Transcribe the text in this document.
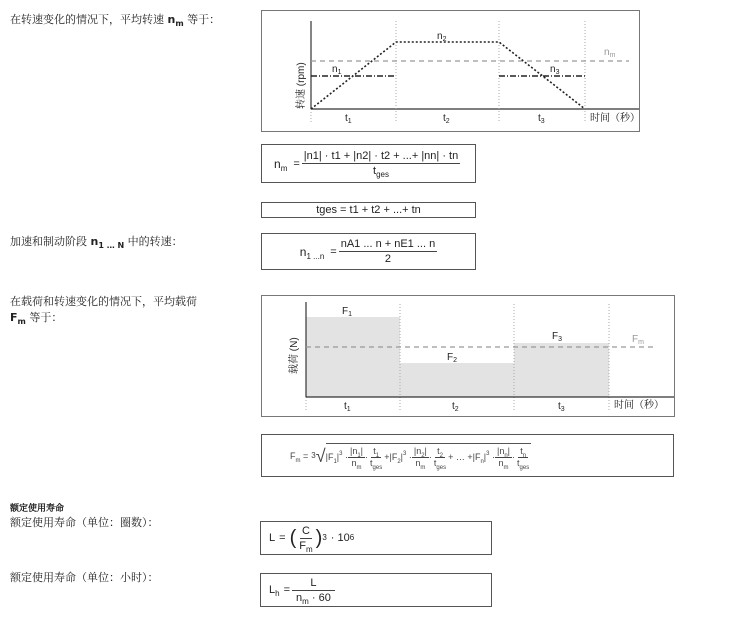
在转速变化的情况下，平均转速 $n_m$ 等于：
$n_2$
$n_1$	$n_3$
$n_m$
$t_1$	$t_2$	$t_3$	时间（秒）
转速 (rpm)
$n_m = \frac{|n1| \cdot t1 + |n2| \cdot t2 + ...+ |nn| \cdot tn}{t_{ges}}$
tges = t1 + t2 + ...+ tn
加速和制动阶段 $n_{1 \dots N}$ 中的转速：
$n_{1 ...n} = \frac{nA1 ... n + nE1 ... n}{2}$
在载荷和转速变化的情况下，平均载荷
$F_m$ 等于：	$F_1$
$F_2$
$F_3$	$F_m$
$t_1$	$t_2$	$t_3$	时间（秒）
载荷 (N)
$F_m = 3$ √ $|F_1|^3 \cdot \frac{|n_1|}{n_m} \cdot \frac{t_1}{t_{ges}} + |F_2|^3 \cdot \frac{|n_2|}{n_m} \cdot \frac{t_2}{t_{ges}}$ + … + $|F_n|^3 \cdot \frac{|n_n|}{n_m} \cdot \frac{t_n}{t_{ges}}$
额定使用寿命
额定使用寿命（单位：圈数）：
额定使用寿命（单位：小时）：
L = ( $\frac{C}{F_m}$ ) 3 · 10 6
$L_h = \frac{L}{n_m \cdot 60}$
